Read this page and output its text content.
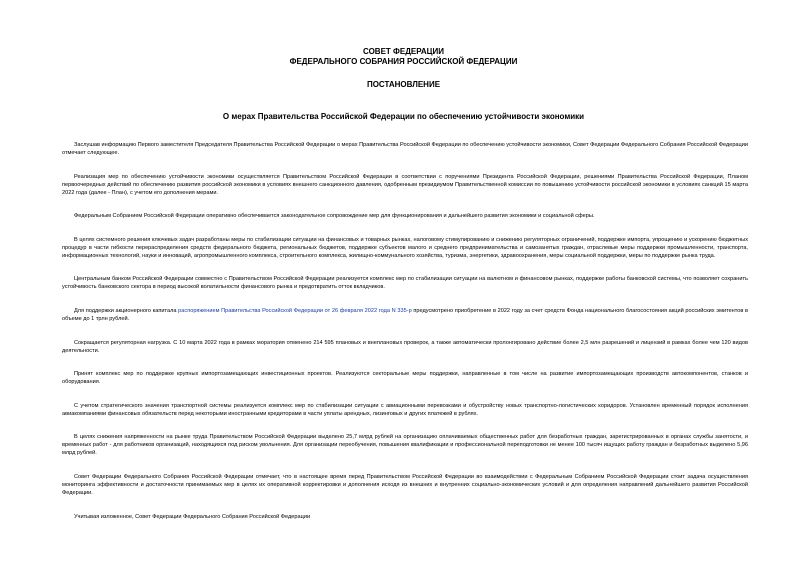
СОВЕТ ФЕДЕРАЦИИ
ФЕДЕРАЛЬНОГО СОБРАНИЯ РОССИЙСКОЙ ФЕДЕРАЦИИ
ПОСТАНОВЛЕНИЕ
О мерах Правительства Российской Федерации по обеспечению устойчивости экономики

Заслушав информацию Первого заместителя Председателя Правительства Российской Федерации о мерах Правительства Российской Федерации по обеспечению устойчивости экономики, Совет Федерации Федерального Собрания Российской Федерации отмечает следующее.

Реализация мер по обеспечению устойчивости экономики осуществляется Правительством Российской Федерации в соответствии с поручениями Президента Российской Федерации, решениями Правительства Российской Федерации, Планом первоочередных действий по обеспечению развития российской экономики в условиях внешнего санкционного давления, одобренным президиумом Правительственной комиссии по повышению устойчивости российской экономики в условиях санкций 15 марта 2022 года (далее - План), с учетом его дополнения мерами.

Федеральным Собранием Российской Федерации оперативно обеспечивается законодательное сопровождение мер для функционирования и дальнейшего развития экономики и социальной сферы.

В целях системного решения ключевых задач разработаны меры по стабилизации ситуации на финансовых и товарных рынках, налоговому стимулированию и снижению регуляторных ограничений, поддержке импорта, упрощению и ускорению бюджетных процедур в части гибкости перераспределения средств федерального бюджета, региональных бюджетов, поддержке субъектов малого и среднего предпринимательства и самозанятых граждан, отраслевые меры поддержки промышленности, транспорта, информационных технологий, науки и инноваций, агропромышленного комплекса, строительного комплекса, жилищно-коммунального хозяйства, туризма, энергетики, здравоохранения, меры социальной поддержки, меры по поддержке рынка труда.

Центральным банком Российской Федерации совместно с Правительством Российской Федерации реализуется комплекс мер по стабилизации ситуации на валютном и финансовом рынках, поддержке работы банковской системы, что позволяет сохранить устойчивость банковского сектора в период высокой волатильности финансового рынка и предотвратить отток вкладчиков.

Для поддержки акционерного капитала распоряжением Правительства Российской Федерации от 26 февраля 2022 года N 335-р предусмотрено приобретение в 2022 году за счет средств Фонда национального благосостояния акций российских эмитентов в объеме до 1 трлн рублей.

Сокращается регуляторная нагрузка. С 10 марта 2022 года в рамках моратория отменено 214 595 плановых и внеплановых проверок, а также автоматически пролонгировано действие более 2,5 млн разрешений и лицензий в рамках более чем 120 видов деятельности.

Принят комплекс мер по поддержке крупных импортозамещающих инвестиционных проектов. Реализуются секторальные меры поддержки, направленные в том числе на развитие импортозамещающих производств автокомпонентов, станков и оборудования.

С учетом стратегического значения транспортной системы реализуется комплекс мер по стабилизации ситуации с авиационными перевозками и обустройству новых транспортно-логистических коридоров. Установлен временный порядок исполнения авиакомпаниями финансовых обязательств перед некоторыми иностранными кредиторами в части уплаты арендных, лизинговых и других платежей в рублях.

В целях снижения напряженности на рынке труда Правительством Российской Федерации выделено 25,7 млрд рублей на организацию оплачиваемых общественных работ для безработных граждан, зарегистрированных в органах службы занятости, и временных работ - для работников организаций, находящихся под риском увольнения. Для организации переобучения, повышения квалификации и профессиональной переподготовки не менее 100 тысяч ищущих работу граждан и безработных выделено 5,96 млрд рублей.

Совет Федерации Федерального Собрания Российской Федерации отмечает, что в настоящее время перед Правительством Российской Федерации во взаимодействии с Федеральным Собранием Российской Федерации стоит задача осуществления мониторинга эффективности и достаточности принимаемых мер в целях их оперативной корректировки и дополнения исходя из внешних и внутренних социально-экономических условий и для определения направлений дальнейшего развития Российской Федерации.

Учитывая изложенное, Совет Федерации Федерального Собрания Российской Федерации
